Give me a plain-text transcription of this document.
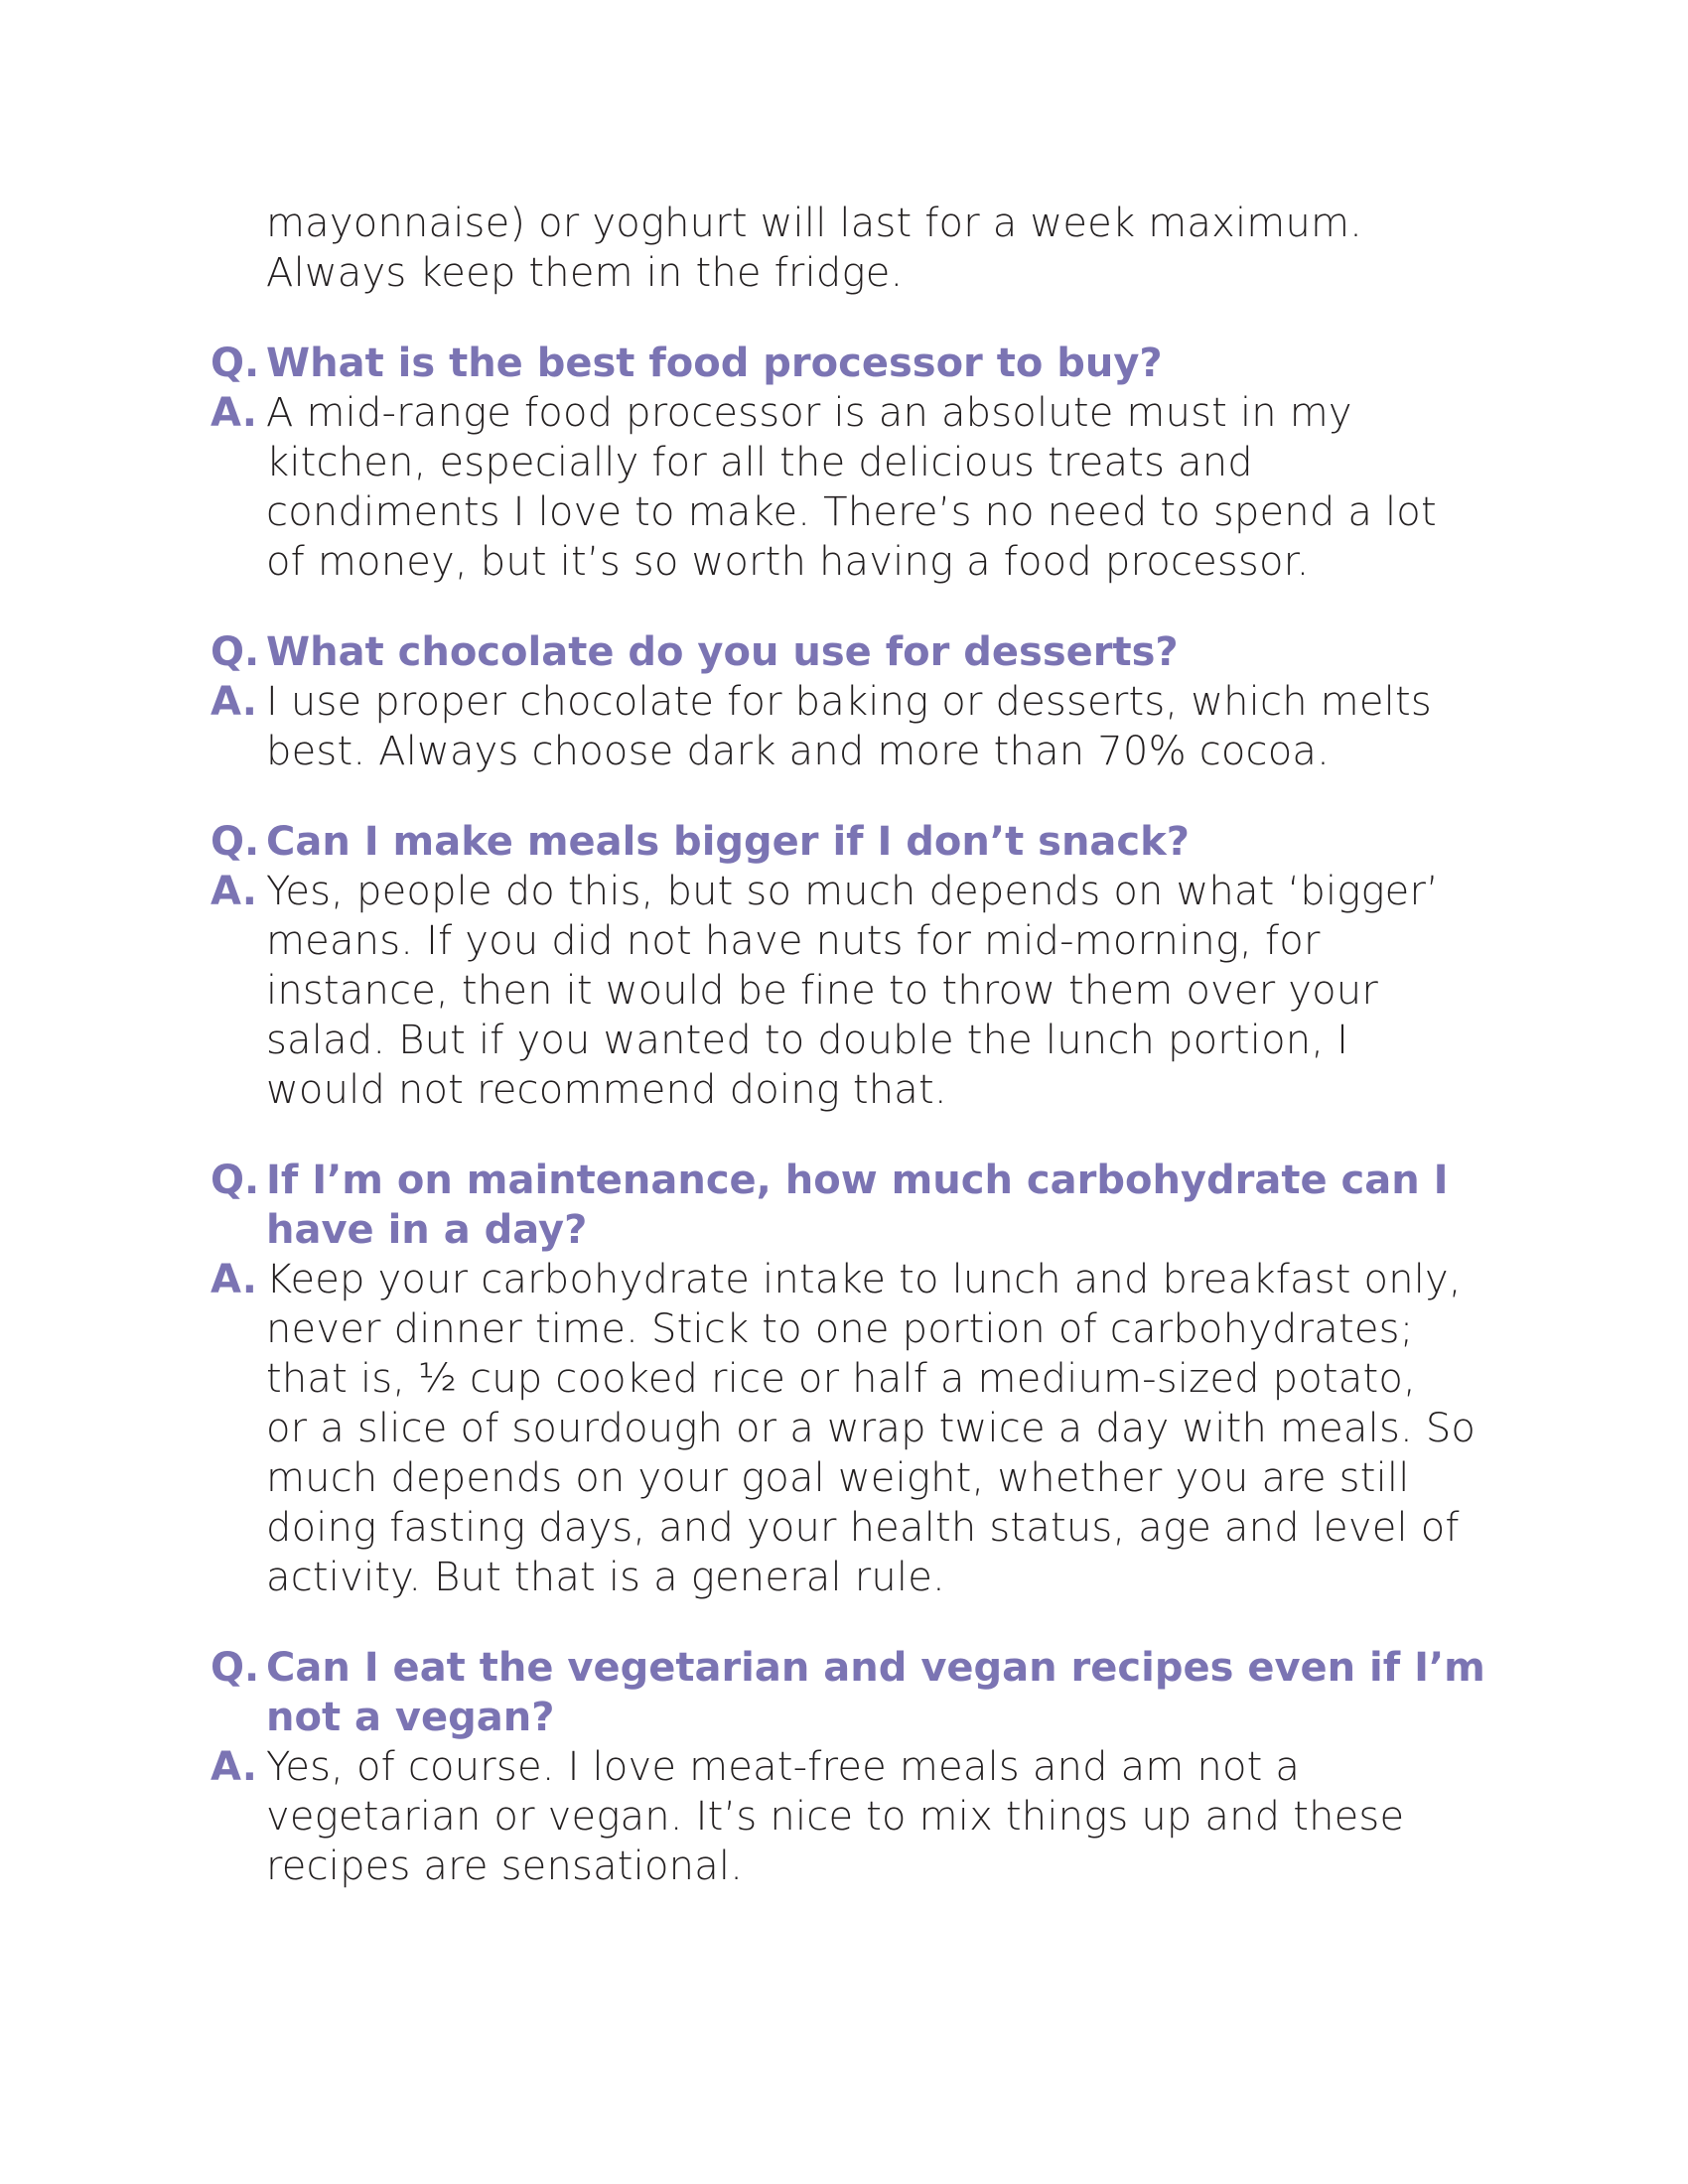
mayonnaise) or yoghurt will last for a week maximum.
Always keep them in the fridge.
Q. What is the best food processor to buy?
A. A mid-range food processor is an absolute must in my
kitchen, especially for all the delicious treats and
condiments I love to make. There’s no need to spend a lot
of money, but it’s so worth having a food processor.
Q. What chocolate do you use for desserts?
A. I use proper chocolate for baking or desserts, which melts
best. Always choose dark and more than 70% cocoa.
Q. Can I make meals bigger if I don’t snack?
A. Yes, people do this, but so much depends on what ‘bigger’
means. If you did not have nuts for mid-morning, for
instance, then it would be fine to throw them over your
salad. But if you wanted to double the lunch portion, I
would not recommend doing that.
Q. If I’m on maintenance, how much carbohydrate can I
have in a day?
A. Keep your carbohydrate intake to lunch and breakfast only,
never dinner time. Stick to one portion of carbohydrates;
that is, ½ cup cooked rice or half a medium-sized potato,
or a slice of sourdough or a wrap twice a day with meals. So
much depends on your goal weight, whether you are still
doing fasting days, and your health status, age and level of
activity. But that is a general rule.
Q. Can I eat the vegetarian and vegan recipes even if I’m
not a vegan?
A. Yes, of course. I love meat-free meals and am not a
vegetarian or vegan. It’s nice to mix things up and these
recipes are sensational.
